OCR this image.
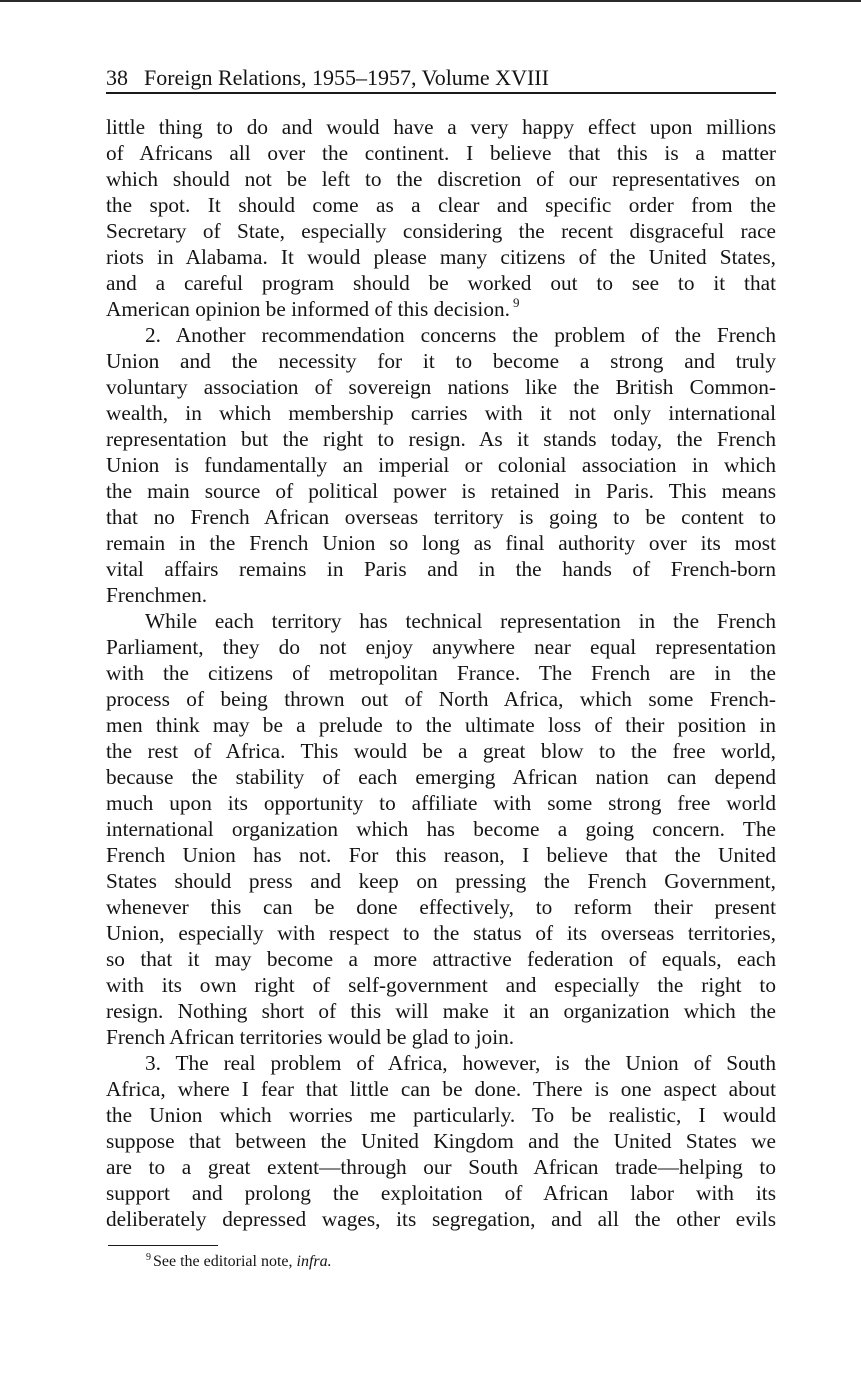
38 Foreign Relations, 1955–1957, Volume XVIII
little thing to do and would have a very happy effect upon millions
of Africans all over the continent. I believe that this is a matter
which should not be left to the discretion of our representatives on
the spot. It should come as a clear and specific order from the
Secretary of State, especially considering the recent disgraceful race
riots in Alabama. It would please many citizens of the United States,
and a careful program should be worked out to see to it that
American opinion be informed of this decision. $^9$
2. Another recommendation concerns the problem of the French
Union and the necessity for it to become a strong and truly
voluntary association of sovereign nations like the British Common-
wealth, in which membership carries with it not only international
representation but the right to resign. As it stands today, the French
Union is fundamentally an imperial or colonial association in which
the main source of political power is retained in Paris. This means
that no French African overseas territory is going to be content to
remain in the French Union so long as final authority over its most
vital affairs remains in Paris and in the hands of French-born
Frenchmen.
While each territory has technical representation in the French
Parliament, they do not enjoy anywhere near equal representation
with the citizens of metropolitan France. The French are in the
process of being thrown out of North Africa, which some French-
men think may be a prelude to the ultimate loss of their position in
the rest of Africa. This would be a great blow to the free world,
because the stability of each emerging African nation can depend
much upon its opportunity to affiliate with some strong free world
international organization which has become a going concern. The
French Union has not. For this reason, I believe that the United
States should press and keep on pressing the French Government,
whenever this can be done effectively, to reform their present
Union, especially with respect to the status of its overseas territories,
so that it may become a more attractive federation of equals, each
with its own right of self-government and especially the right to
resign. Nothing short of this will make it an organization which the
French African territories would be glad to join.
3. The real problem of Africa, however, is the Union of South
Africa, where I fear that little can be done. There is one aspect about
the Union which worries me particularly. To be realistic, I would
suppose that between the United Kingdom and the United States we
are to a great extent—through our South African trade—helping to
support and prolong the exploitation of African labor with its
deliberately depressed wages, its segregation, and all the other evils
$^9$ See the editorial note, infra.
